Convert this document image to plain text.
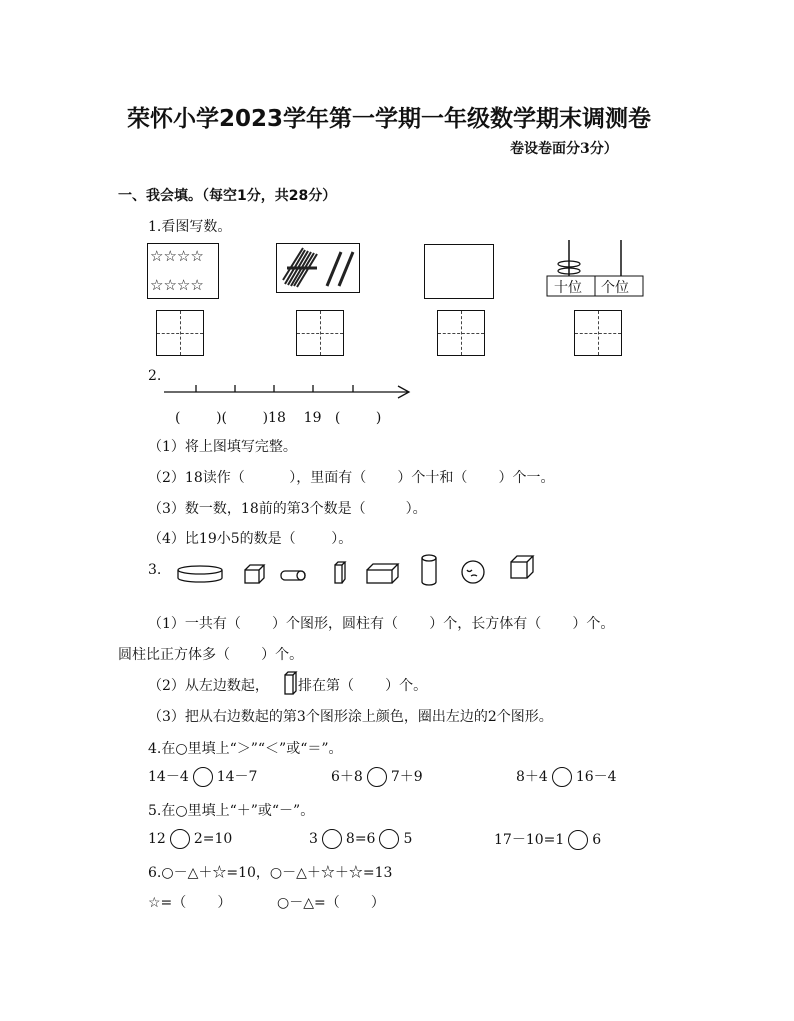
荣怀小学2023学年第一学期一年级数学期末调测卷
卷设卷面分3分）
一、我会填。（每空1分，共28分）
1.看图写数。
☆☆☆☆
☆☆☆☆	十位 个位
2.
(        )(        )18    19   (        )
（1）将上图填写完整。
（2）18读作（          ），里面有（       ）个十和（       ）个一。
（3）数一数，18前的第3个数是（         ）。
（4）比19小5的数是（        ）。
3.
（1）一共有（       ）个图形，圆柱有（       ）个，长方体有（       ）个。
圆柱比正方体多（       ）个。
（2）从左边数起， 排在第（       ）个。
（3）把从右边数起的第3个图形涂上颜色，圈出左边的2个图形。
4.在○里填上“＞”“＜”或“＝”。
14－4 14－7	6＋8 7＋9	8＋4 16－4
5.在○里填上“＋”或“－”。
12 2=10	3 8=6 5	17－10=1 6
6.○－△＋☆=10，○－△＋☆＋☆=13
☆=（       ）	○－△=（       ）
